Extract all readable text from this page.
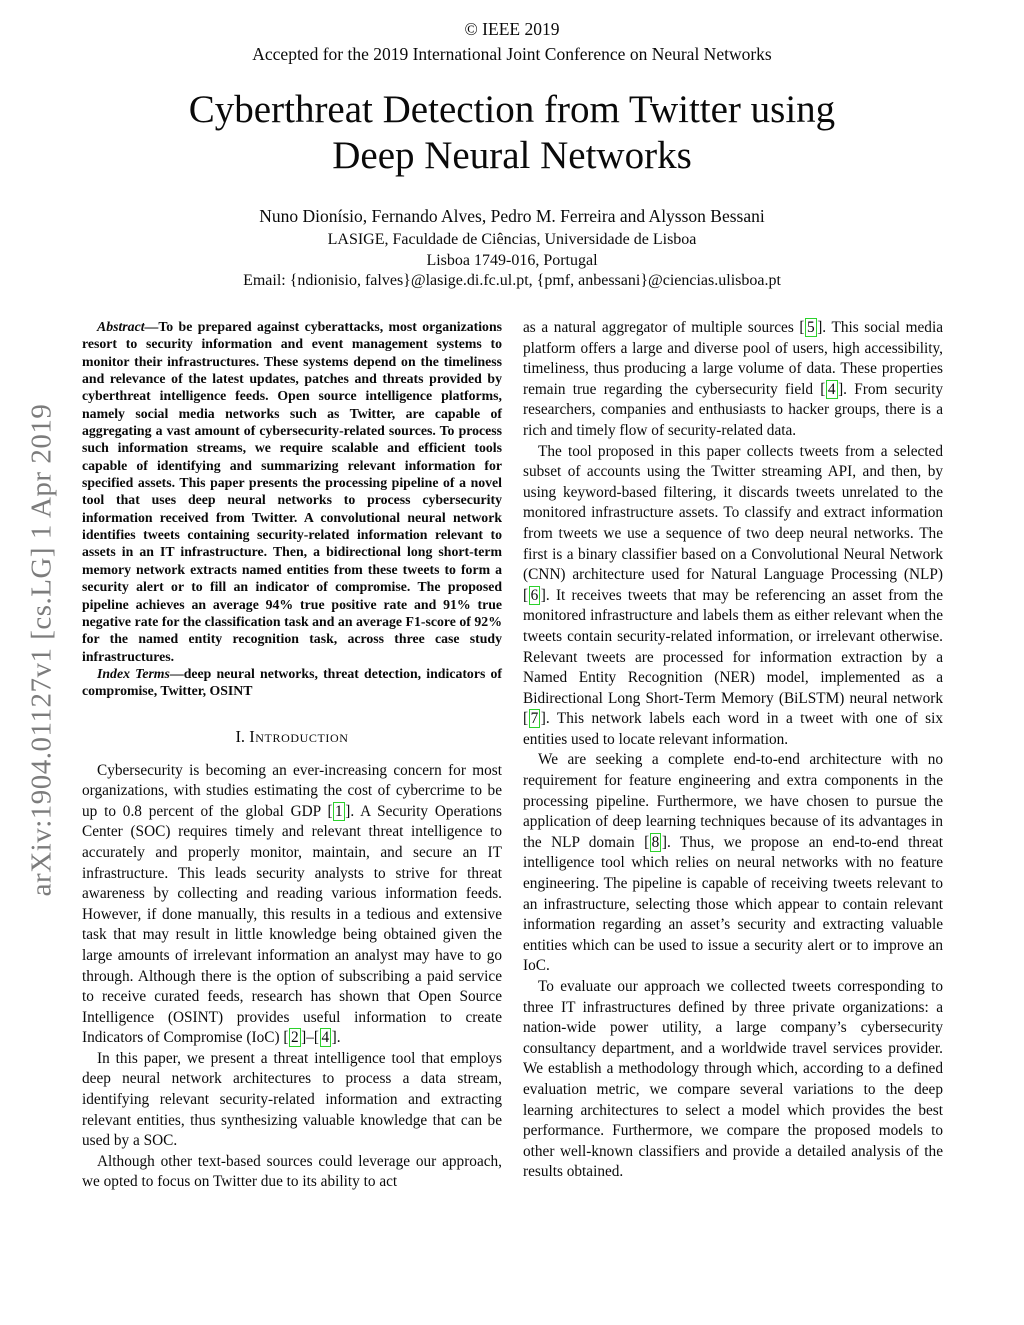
arXiv:1904.01127v1 [cs.LG] 1 Apr 2019
© IEEE 2019
Accepted for the 2019 International Joint Conference on Neural Networks
Cyberthreat Detection from Twitter using
Deep Neural Networks
Nuno Dionísio, Fernando Alves, Pedro M. Ferreira and Alysson Bessani
LASIGE, Faculdade de Ciências, Universidade de Lisboa
Lisboa 1749-016, Portugal
Email: {ndionisio, falves}@lasige.di.fc.ul.pt, {pmf, anbessani}@ciencias.ulisboa.pt

Abstract—To be prepared against cyberattacks, most organizations resort to security information and event management systems to monitor their infrastructures. These systems depend on the timeliness and relevance of the latest updates, patches and threats provided by cyberthreat intelligence feeds. Open source intelligence platforms, namely social media networks such as Twitter, are capable of aggregating a vast amount of cybersecurity-related sources. To process such information streams, we require scalable and efficient tools capable of identifying and summarizing relevant information for specified assets. This paper presents the processing pipeline of a novel tool that uses deep neural networks to process cybersecurity information received from Twitter. A convolutional neural network identifies tweets containing security-related information relevant to assets in an IT infrastructure. Then, a bidirectional long short-term memory network extracts named entities from these tweets to form a security alert or to fill an indicator of compromise. The proposed pipeline achieves an average 94% true positive rate and 91% true negative rate for the classification task and an average F1-score of 92% for the named entity recognition task, across three case study infrastructures.

Index Terms—deep neural networks, threat detection, indicators of compromise, Twitter, OSINT

I. Introduction

Cybersecurity is becoming an ever-increasing concern for most organizations, with studies estimating the cost of cybercrime to be up to 0.8 percent of the global GDP [ 1 ]. A Security Operations Center (SOC) requires timely and relevant threat intelligence to accurately and properly monitor, maintain, and secure an IT infrastructure. This leads security analysts to strive for threat awareness by collecting and reading various information feeds. However, if done manually, this results in a tedious and extensive task that may result in little knowledge being obtained given the large amounts of irrelevant information an analyst may have to go through. Although there is the option of subscribing a paid service to receive curated feeds, research has shown that Open Source Intelligence (OSINT) provides useful information to create Indicators of Compromise (IoC) [ 2 ]–[ 4 ].

In this paper, we present a threat intelligence tool that employs deep neural network architectures to process a data stream, identifying relevant security-related information and extracting relevant entities, thus synthesizing valuable knowledge that can be used by a SOC.

Although other text-based sources could leverage our approach, we opted to focus on Twitter due to its ability to act

as a natural aggregator of multiple sources [ 5 ]. This social media platform offers a large and diverse pool of users, high accessibility, timeliness, thus producing a large volume of data. These properties remain true regarding the cybersecurity field [ 4 ]. From security researchers, companies and enthusiasts to hacker groups, there is a rich and timely flow of security-related data.

The tool proposed in this paper collects tweets from a selected subset of accounts using the Twitter streaming API, and then, by using keyword-based filtering, it discards tweets unrelated to the monitored infrastructure assets. To classify and extract information from tweets we use a sequence of two deep neural networks. The first is a binary classifier based on a Convolutional Neural Network (CNN) architecture used for Natural Language Processing (NLP) [ 6 ]. It receives tweets that may be referencing an asset from the monitored infrastructure and labels them as either relevant when the tweets contain security-related information, or irrelevant otherwise. Relevant tweets are processed for information extraction by a Named Entity Recognition (NER) model, implemented as a Bidirectional Long Short-Term Memory (BiLSTM) neural network [ 7 ]. This network labels each word in a tweet with one of six entities used to locate relevant information.

We are seeking a complete end-to-end architecture with no requirement for feature engineering and extra components in the processing pipeline. Furthermore, we have chosen to pursue the application of deep learning techniques because of its advantages in the NLP domain [ 8 ]. Thus, we propose an end-to-end threat intelligence tool which relies on neural networks with no feature engineering. The pipeline is capable of receiving tweets relevant to an infrastructure, selecting those which appear to contain relevant information regarding an asset’s security and extracting valuable entities which can be used to issue a security alert or to improve an IoC.

To evaluate our approach we collected tweets corresponding to three IT infrastructures defined by three private organizations: a nation-wide power utility, a large company’s cybersecurity consultancy department, and a worldwide travel services provider. We establish a methodology through which, according to a defined evaluation metric, we compare several variations to the deep learning architectures to select a model which provides the best performance. Furthermore, we compare the proposed models to other well-known classifiers and provide a detailed analysis of the results obtained.
